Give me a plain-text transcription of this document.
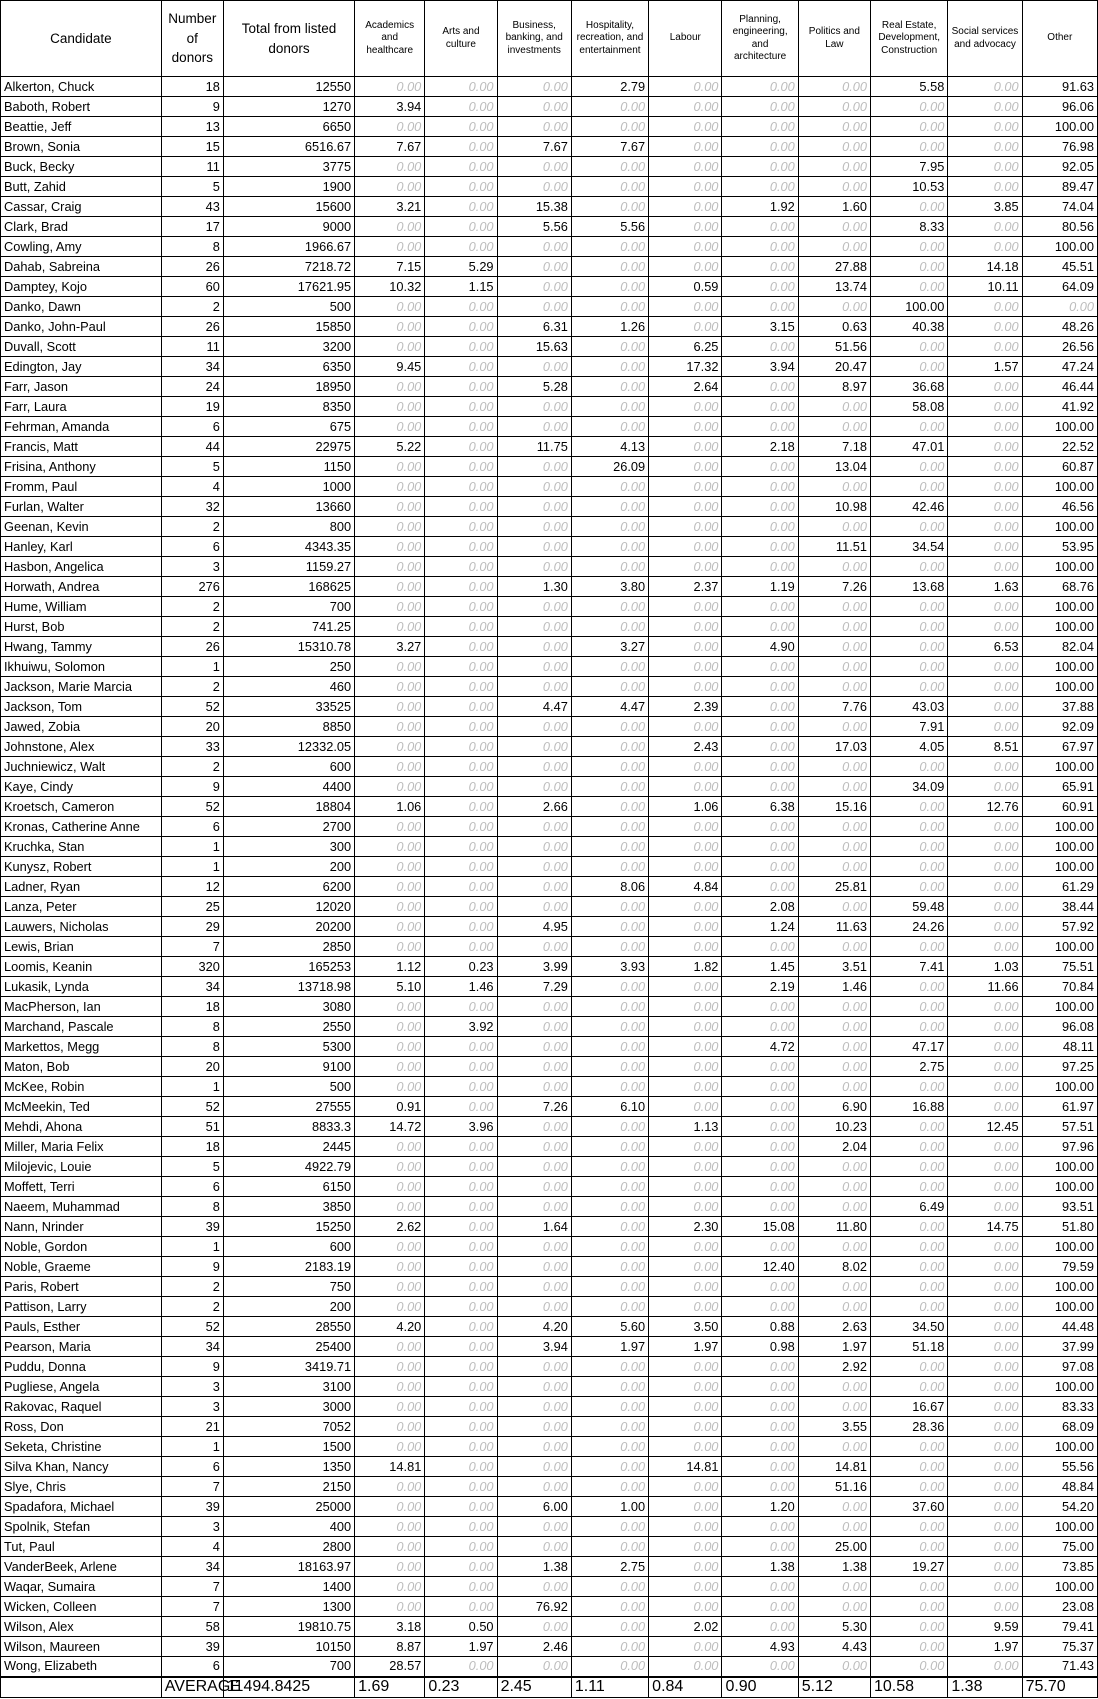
Candidate	Number of donors	Total from listed donors	Academics and healthcare	Arts and culture	Business, banking, and investments	Hospitality, recreation, and entertainment	Labour	Planning, engineering, and architecture	Politics and Law	Real Estate, Development, Construction	Social services and advocacy	Other
Alkerton, Chuck	18	12550	0.00	0.00	0.00	2.79	0.00	0.00	0.00	5.58	0.00	91.63
Baboth, Robert	9	1270	3.94	0.00	0.00	0.00	0.00	0.00	0.00	0.00	0.00	96.06
Beattie, Jeff	13	6650	0.00	0.00	0.00	0.00	0.00	0.00	0.00	0.00	0.00	100.00
Brown, Sonia	15	6516.67	7.67	0.00	7.67	7.67	0.00	0.00	0.00	0.00	0.00	76.98
Buck, Becky	11	3775	0.00	0.00	0.00	0.00	0.00	0.00	0.00	7.95	0.00	92.05
Butt, Zahid	5	1900	0.00	0.00	0.00	0.00	0.00	0.00	0.00	10.53	0.00	89.47
Cassar, Craig	43	15600	3.21	0.00	15.38	0.00	0.00	1.92	1.60	0.00	3.85	74.04
Clark, Brad	17	9000	0.00	0.00	5.56	5.56	0.00	0.00	0.00	8.33	0.00	80.56
Cowling, Amy	8	1966.67	0.00	0.00	0.00	0.00	0.00	0.00	0.00	0.00	0.00	100.00
Dahab, Sabreina	26	7218.72	7.15	5.29	0.00	0.00	0.00	0.00	27.88	0.00	14.18	45.51
Damptey, Kojo	60	17621.95	10.32	1.15	0.00	0.00	0.59	0.00	13.74	0.00	10.11	64.09
Danko, Dawn	2	500	0.00	0.00	0.00	0.00	0.00	0.00	0.00	100.00	0.00	0.00
Danko, John-Paul	26	15850	0.00	0.00	6.31	1.26	0.00	3.15	0.63	40.38	0.00	48.26
Duvall, Scott	11	3200	0.00	0.00	15.63	0.00	6.25	0.00	51.56	0.00	0.00	26.56
Edington, Jay	34	6350	9.45	0.00	0.00	0.00	17.32	3.94	20.47	0.00	1.57	47.24
Farr, Jason	24	18950	0.00	0.00	5.28	0.00	2.64	0.00	8.97	36.68	0.00	46.44
Farr, Laura	19	8350	0.00	0.00	0.00	0.00	0.00	0.00	0.00	58.08	0.00	41.92
Fehrman, Amanda	6	675	0.00	0.00	0.00	0.00	0.00	0.00	0.00	0.00	0.00	100.00
Francis, Matt	44	22975	5.22	0.00	11.75	4.13	0.00	2.18	7.18	47.01	0.00	22.52
Frisina, Anthony	5	1150	0.00	0.00	0.00	26.09	0.00	0.00	13.04	0.00	0.00	60.87
Fromm, Paul	4	1000	0.00	0.00	0.00	0.00	0.00	0.00	0.00	0.00	0.00	100.00
Furlan, Walter	32	13660	0.00	0.00	0.00	0.00	0.00	0.00	10.98	42.46	0.00	46.56
Geenan, Kevin	2	800	0.00	0.00	0.00	0.00	0.00	0.00	0.00	0.00	0.00	100.00
Hanley, Karl	6	4343.35	0.00	0.00	0.00	0.00	0.00	0.00	11.51	34.54	0.00	53.95
Hasbon, Angelica	3	1159.27	0.00	0.00	0.00	0.00	0.00	0.00	0.00	0.00	0.00	100.00
Horwath, Andrea	276	168625	0.00	0.00	1.30	3.80	2.37	1.19	7.26	13.68	1.63	68.76
Hume, William	2	700	0.00	0.00	0.00	0.00	0.00	0.00	0.00	0.00	0.00	100.00
Hurst, Bob	2	741.25	0.00	0.00	0.00	0.00	0.00	0.00	0.00	0.00	0.00	100.00
Hwang, Tammy	26	15310.78	3.27	0.00	0.00	3.27	0.00	4.90	0.00	0.00	6.53	82.04
Ikhuiwu, Solomon	1	250	0.00	0.00	0.00	0.00	0.00	0.00	0.00	0.00	0.00	100.00
Jackson, Marie Marcia	2	460	0.00	0.00	0.00	0.00	0.00	0.00	0.00	0.00	0.00	100.00
Jackson, Tom	52	33525	0.00	0.00	4.47	4.47	2.39	0.00	7.76	43.03	0.00	37.88
Jawed, Zobia	20	8850	0.00	0.00	0.00	0.00	0.00	0.00	0.00	7.91	0.00	92.09
Johnstone, Alex	33	12332.05	0.00	0.00	0.00	0.00	2.43	0.00	17.03	4.05	8.51	67.97
Juchniewicz, Walt	2	600	0.00	0.00	0.00	0.00	0.00	0.00	0.00	0.00	0.00	100.00
Kaye, Cindy	9	4400	0.00	0.00	0.00	0.00	0.00	0.00	0.00	34.09	0.00	65.91
Kroetsch, Cameron	52	18804	1.06	0.00	2.66	0.00	1.06	6.38	15.16	0.00	12.76	60.91
Kronas, Catherine Anne	6	2700	0.00	0.00	0.00	0.00	0.00	0.00	0.00	0.00	0.00	100.00
Kruchka, Stan	1	300	0.00	0.00	0.00	0.00	0.00	0.00	0.00	0.00	0.00	100.00
Kunysz, Robert	1	200	0.00	0.00	0.00	0.00	0.00	0.00	0.00	0.00	0.00	100.00
Ladner, Ryan	12	6200	0.00	0.00	0.00	8.06	4.84	0.00	25.81	0.00	0.00	61.29
Lanza, Peter	25	12020	0.00	0.00	0.00	0.00	0.00	2.08	0.00	59.48	0.00	38.44
Lauwers, Nicholas	29	20200	0.00	0.00	4.95	0.00	0.00	1.24	11.63	24.26	0.00	57.92
Lewis, Brian	7	2850	0.00	0.00	0.00	0.00	0.00	0.00	0.00	0.00	0.00	100.00
Loomis, Keanin	320	165253	1.12	0.23	3.99	3.93	1.82	1.45	3.51	7.41	1.03	75.51
Lukasik, Lynda	34	13718.98	5.10	1.46	7.29	0.00	0.00	2.19	1.46	0.00	11.66	70.84
MacPherson, Ian	18	3080	0.00	0.00	0.00	0.00	0.00	0.00	0.00	0.00	0.00	100.00
Marchand, Pascale	8	2550	0.00	3.92	0.00	0.00	0.00	0.00	0.00	0.00	0.00	96.08
Markettos, Megg	8	5300	0.00	0.00	0.00	0.00	0.00	4.72	0.00	47.17	0.00	48.11
Maton, Bob	20	9100	0.00	0.00	0.00	0.00	0.00	0.00	0.00	2.75	0.00	97.25
McKee, Robin	1	500	0.00	0.00	0.00	0.00	0.00	0.00	0.00	0.00	0.00	100.00
McMeekin, Ted	52	27555	0.91	0.00	7.26	6.10	0.00	0.00	6.90	16.88	0.00	61.97
Mehdi, Ahona	51	8833.3	14.72	3.96	0.00	0.00	1.13	0.00	10.23	0.00	12.45	57.51
Miller, Maria Felix	18	2445	0.00	0.00	0.00	0.00	0.00	0.00	2.04	0.00	0.00	97.96
Milojevic, Louie	5	4922.79	0.00	0.00	0.00	0.00	0.00	0.00	0.00	0.00	0.00	100.00
Moffett, Terri	6	6150	0.00	0.00	0.00	0.00	0.00	0.00	0.00	0.00	0.00	100.00
Naeem, Muhammad	8	3850	0.00	0.00	0.00	0.00	0.00	0.00	0.00	6.49	0.00	93.51
Nann, Nrinder	39	15250	2.62	0.00	1.64	0.00	2.30	15.08	11.80	0.00	14.75	51.80
Noble, Gordon	1	600	0.00	0.00	0.00	0.00	0.00	0.00	0.00	0.00	0.00	100.00
Noble, Graeme	9	2183.19	0.00	0.00	0.00	0.00	0.00	12.40	8.02	0.00	0.00	79.59
Paris, Robert	2	750	0.00	0.00	0.00	0.00	0.00	0.00	0.00	0.00	0.00	100.00
Pattison, Larry	2	200	0.00	0.00	0.00	0.00	0.00	0.00	0.00	0.00	0.00	100.00
Pauls, Esther	52	28550	4.20	0.00	4.20	5.60	3.50	0.88	2.63	34.50	0.00	44.48
Pearson, Maria	34	25400	0.00	0.00	3.94	1.97	1.97	0.98	1.97	51.18	0.00	37.99
Puddu, Donna	9	3419.71	0.00	0.00	0.00	0.00	0.00	0.00	2.92	0.00	0.00	97.08
Pugliese, Angela	3	3100	0.00	0.00	0.00	0.00	0.00	0.00	0.00	0.00	0.00	100.00
Rakovac, Raquel	3	3000	0.00	0.00	0.00	0.00	0.00	0.00	0.00	16.67	0.00	83.33
Ross, Don	21	7052	0.00	0.00	0.00	0.00	0.00	0.00	3.55	28.36	0.00	68.09
Seketa, Christine	1	1500	0.00	0.00	0.00	0.00	0.00	0.00	0.00	0.00	0.00	100.00
Silva Khan, Nancy	6	1350	14.81	0.00	0.00	0.00	14.81	0.00	14.81	0.00	0.00	55.56
Slye, Chris	7	2150	0.00	0.00	0.00	0.00	0.00	0.00	51.16	0.00	0.00	48.84
Spadafora, Michael	39	25000	0.00	0.00	6.00	1.00	0.00	1.20	0.00	37.60	0.00	54.20
Spolnik, Stefan	3	400	0.00	0.00	0.00	0.00	0.00	0.00	0.00	0.00	0.00	100.00
Tut, Paul	4	2800	0.00	0.00	0.00	0.00	0.00	0.00	25.00	0.00	0.00	75.00
VanderBeek, Arlene	34	18163.97	0.00	0.00	1.38	2.75	0.00	1.38	1.38	19.27	0.00	73.85
Waqar, Sumaira	7	1400	0.00	0.00	0.00	0.00	0.00	0.00	0.00	0.00	0.00	100.00
Wicken, Colleen	7	1300	0.00	0.00	76.92	0.00	0.00	0.00	0.00	0.00	0.00	23.08
Wilson, Alex	58	19810.75	3.18	0.50	0.00	0.00	2.02	0.00	5.30	0.00	9.59	79.41
Wilson, Maureen	39	10150	8.87	1.97	2.46	0.00	0.00	4.93	4.43	0.00	1.97	75.37
Wong, Elizabeth	6	700	28.57	0.00	0.00	0.00	0.00	0.00	0.00	0.00	0.00	71.43
	AVERAGE	11494.8425	1.69	0.23	2.45	1.11	0.84	0.90	5.12	10.58	1.38	75.70
